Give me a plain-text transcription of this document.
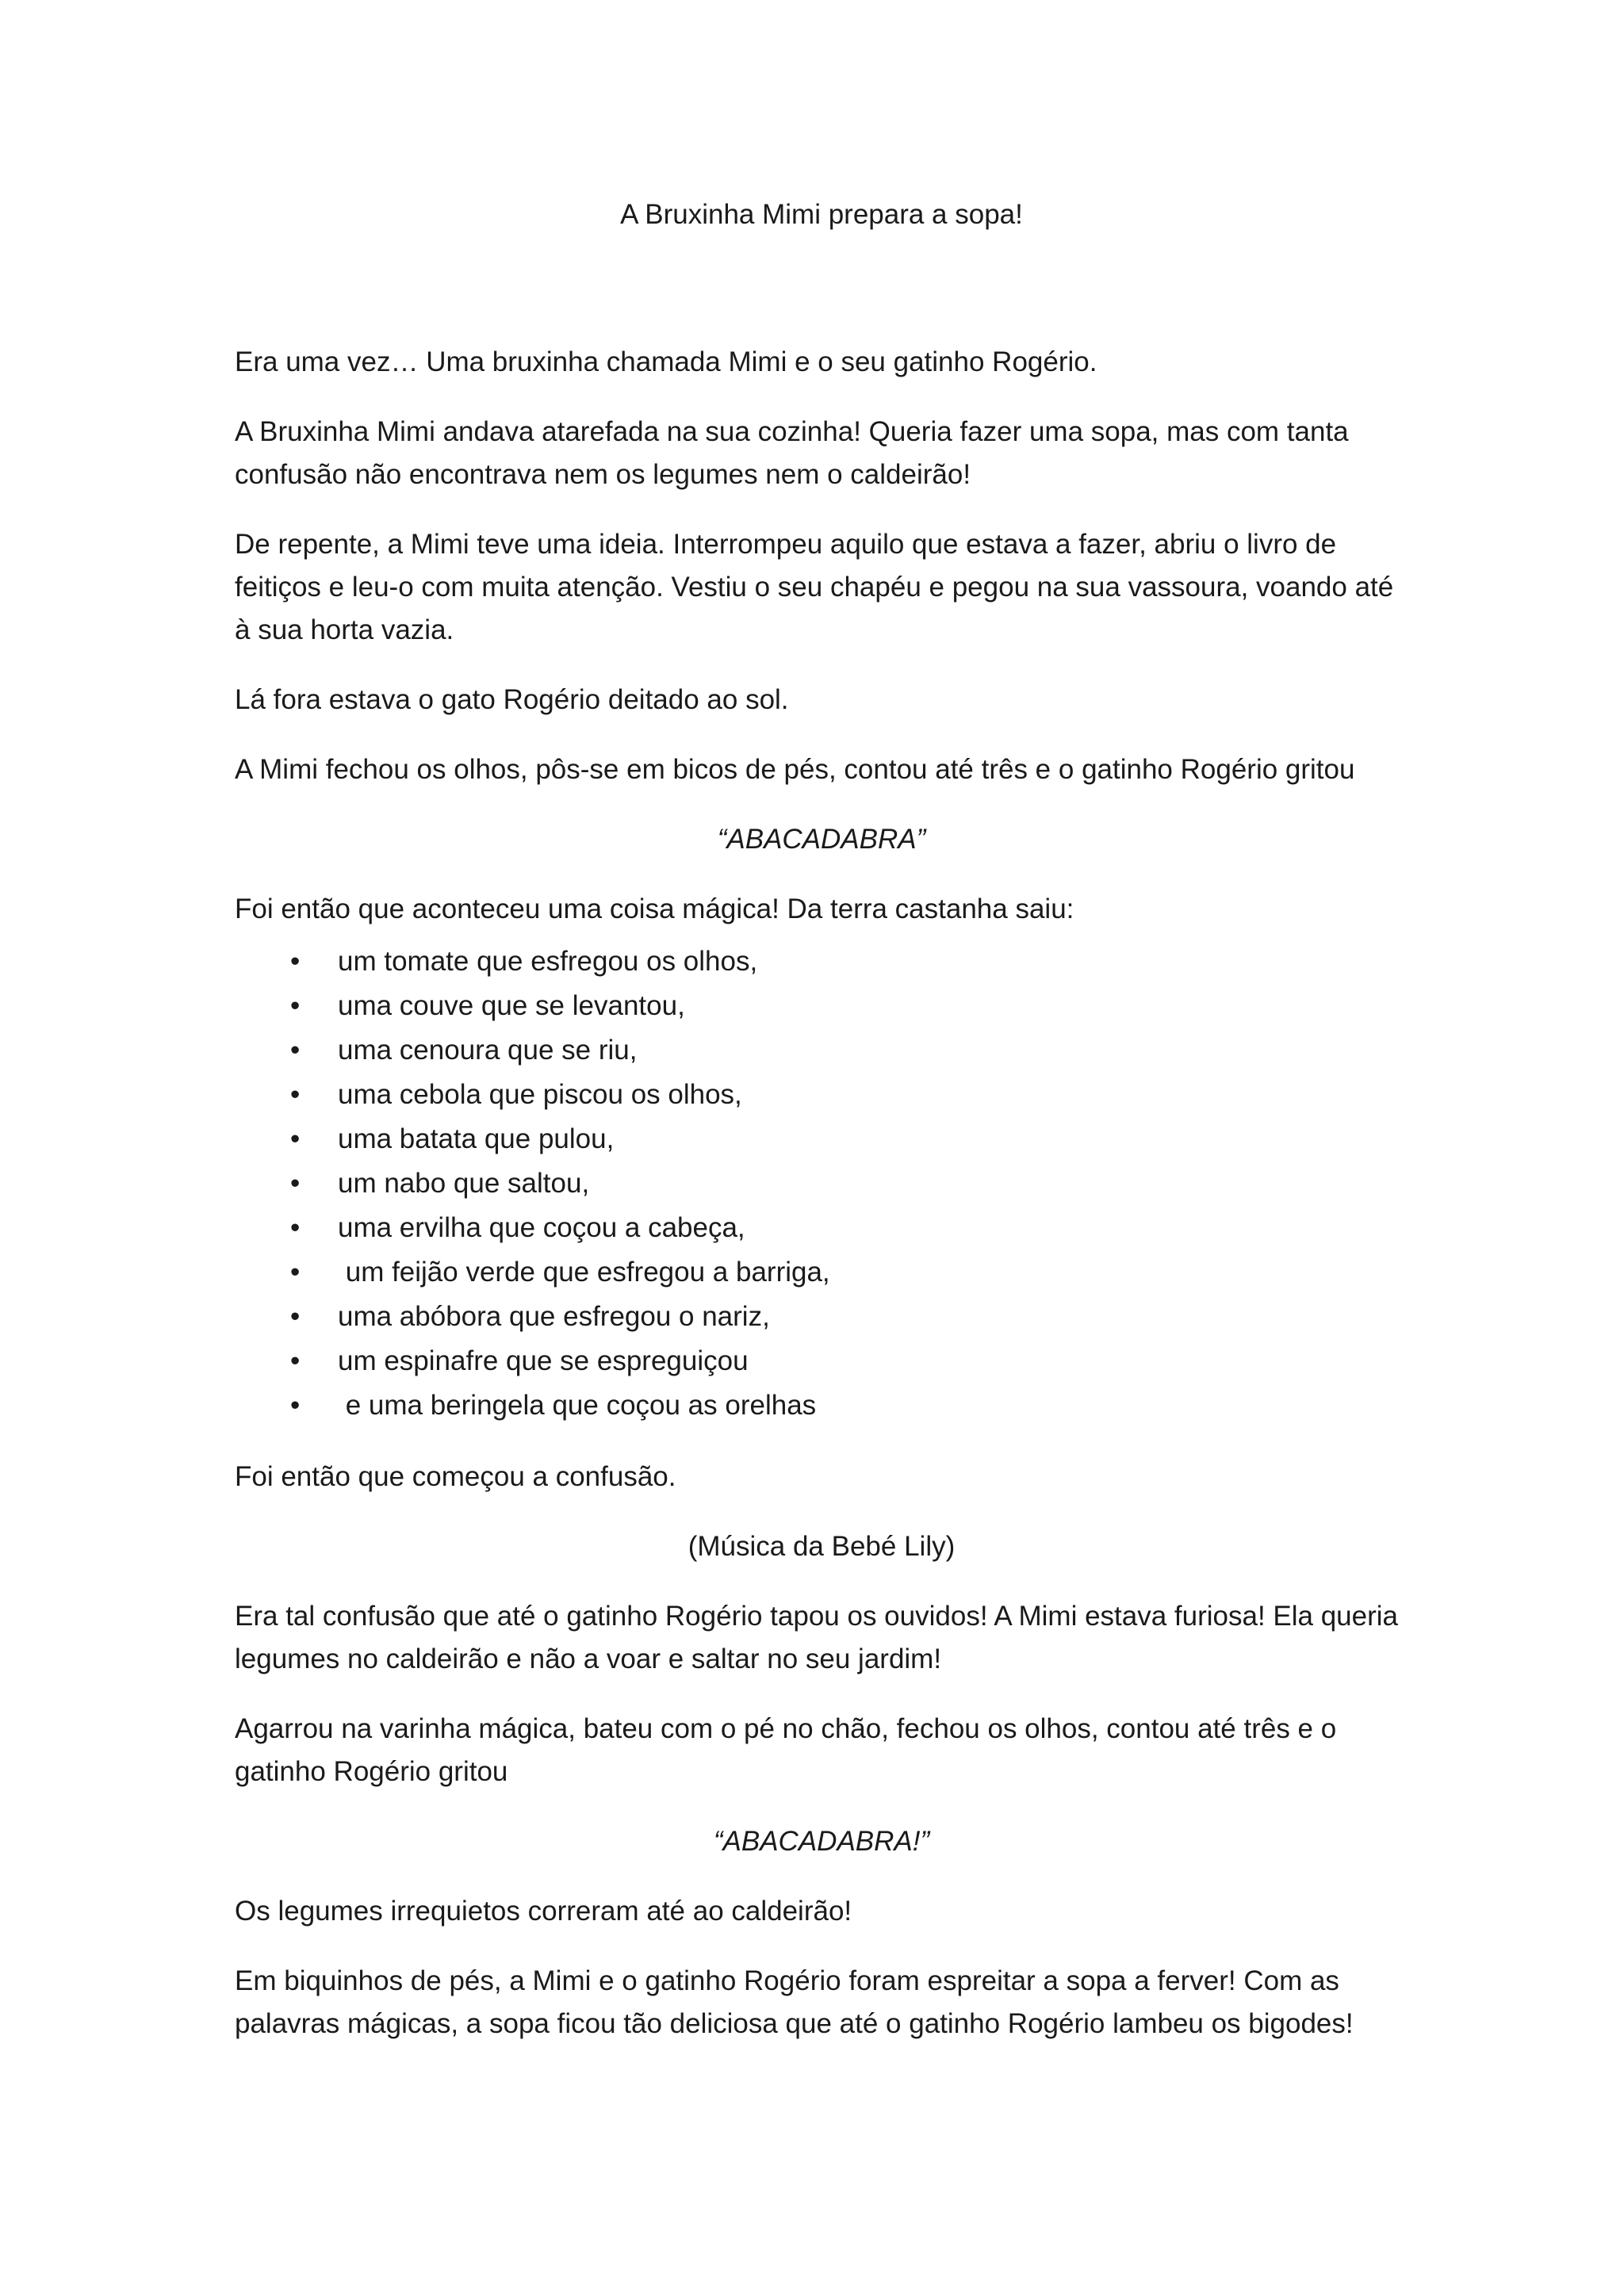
A Bruxinha Mimi prepara a sopa!

Era uma vez… Uma bruxinha chamada Mimi e o seu gatinho Rogério.

A Bruxinha Mimi andava atarefada na sua cozinha! Queria fazer uma sopa, mas com tanta confusão não encontrava nem os legumes nem o caldeirão!

De repente, a Mimi teve uma ideia. Interrompeu aquilo que estava a fazer, abriu o livro de feitiços e leu-o com muita atenção. Vestiu o seu chapéu e pegou na sua vassoura, voando até à sua horta vazia.

Lá fora estava o gato Rogério deitado ao sol.

A Mimi fechou os olhos, pôs-se em bicos de pés, contou até três e o gatinho Rogério gritou

“ABACADABRA”

Foi então que aconteceu uma coisa mágica! Da terra castanha saiu:

• um tomate que esfregou os olhos,
• uma couve que se levantou,
• uma cenoura que se riu,
• uma cebola que piscou os olhos,
• uma batata que pulou,
• um nabo que saltou,
• uma ervilha que coçou a cabeça,
• um feijão verde que esfregou a barriga,
• uma abóbora que esfregou o nariz,
• um espinafre que se espreguiçou
• e uma beringela que coçou as orelhas

Foi então que começou a confusão.

(Música da Bebé Lily)

Era tal confusão que até o gatinho Rogério tapou os ouvidos! A Mimi estava furiosa! Ela queria legumes no caldeirão e não a voar e saltar no seu jardim!

Agarrou na varinha mágica, bateu com o pé no chão, fechou os olhos, contou até três e o gatinho Rogério gritou

“ABACADABRA!”

Os legumes irrequietos correram até ao caldeirão!

Em biquinhos de pés, a Mimi e o gatinho Rogério foram espreitar a sopa a ferver! Com as palavras mágicas, a sopa ficou tão deliciosa que até o gatinho Rogério lambeu os bigodes!
